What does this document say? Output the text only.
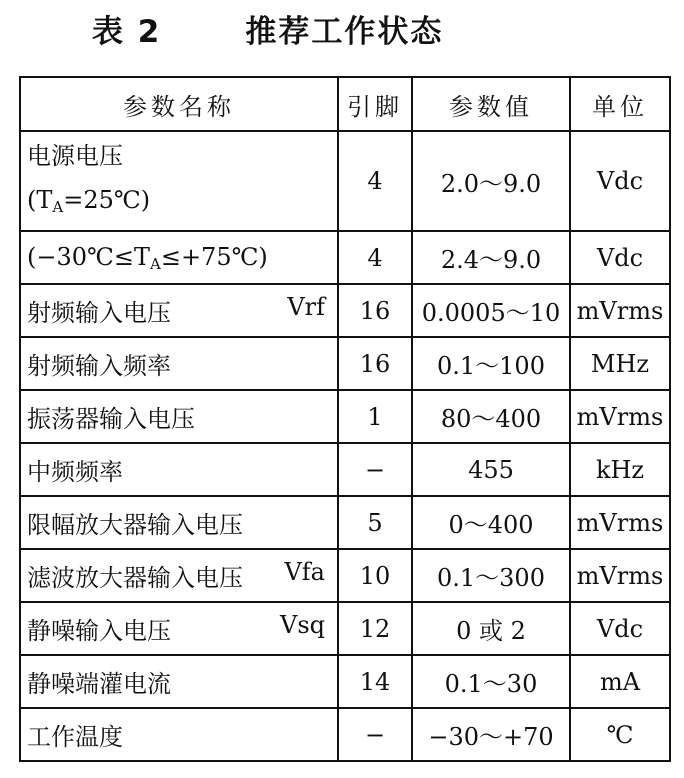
表 2	推荐工作状态
参数名称	引脚	参数值	单位

电源电压
$(T_A=25℃)$	4	2.0～9.0	Vdc

$(-30℃\le T_A\le+75℃)$	4	2.4～9.0	Vdc

射频输入电压 Vrf	16	0.0005～10	mVrms

射频输入频率	16	0.1～100	MHz

振荡器输入电压	1	80～400	mVrms

中频频率	−	455	kHz

限幅放大器输入电压	5	0～400	mVrms

滤波放大器输入电压 Vfa	10	0.1～300	mVrms

静噪输入电压 Vsq	12	0 或 2	Vdc

静噪端灌电流	14	0.1～30	mA

工作温度	−	−30～+70	℃
